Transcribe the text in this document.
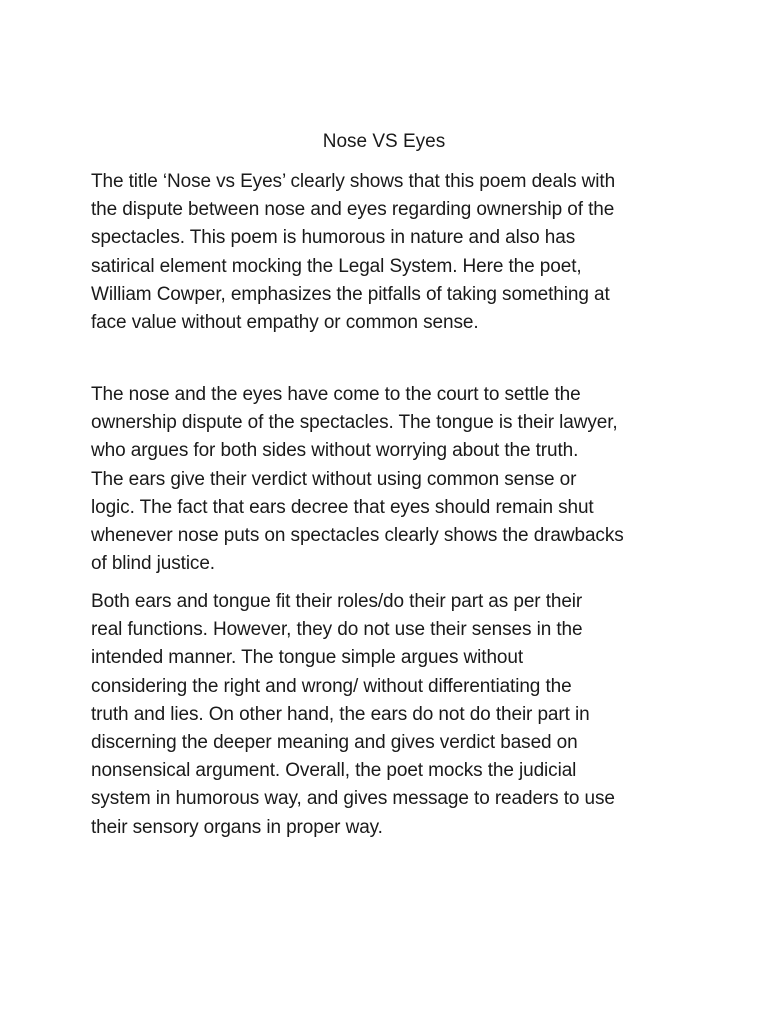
Nose VS Eyes

The title ‘Nose vs Eyes’ clearly shows that this poem deals with
the dispute between nose and eyes regarding ownership of the
spectacles. This poem is humorous in nature and also has
satirical element mocking the Legal System. Here the poet,
William Cowper, emphasizes the pitfalls of taking something at
face value without empathy or common sense.

The nose and the eyes have come to the court to settle the
ownership dispute of the spectacles. The tongue is their lawyer,
who argues for both sides without worrying about the truth.
The ears give their verdict without using common sense or
logic. The fact that ears decree that eyes should remain shut
whenever nose puts on spectacles clearly shows the drawbacks
of blind justice.

Both ears and tongue fit their roles/do their part as per their
real functions. However, they do not use their senses in the
intended manner. The tongue simple argues without
considering the right and wrong/ without differentiating the
truth and lies. On other hand, the ears do not do their part in
discerning the deeper meaning and gives verdict based on
nonsensical argument. Overall, the poet mocks the judicial
system in humorous way, and gives message to readers to use
their sensory organs in proper way.
